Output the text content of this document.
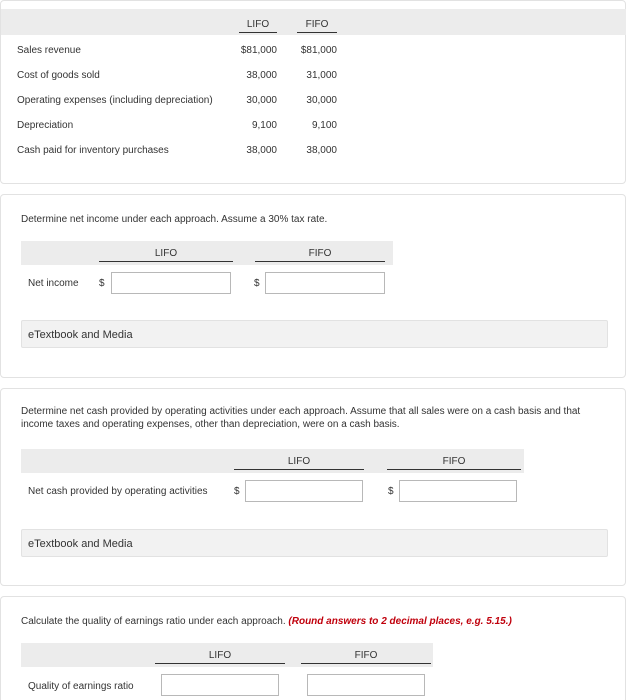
LIFO	FIFO
Sales revenue	$81,000	$81,000
Cost of goods sold	38,000	31,000
Operating expenses (including depreciation)	30,000	30,000
Depreciation	9,100	9,100
Cash paid for inventory purchases	38,000	38,000
Determine net income under each approach. Assume a 30% tax rate.
LIFO	FIFO
Net income $	$
eTextbook and Media
Determine net cash provided by operating activities under each approach. Assume that all sales were on a cash basis and that income taxes and operating expenses, other than depreciation, were on a cash basis.
LIFO	FIFO
Net cash provided by operating activities	$	$
eTextbook and Media
Calculate the quality of earnings ratio under each approach. (Round answers to 2 decimal places, e.g. 5.15.)
LIFO	FIFO
Quality of earnings ratio
